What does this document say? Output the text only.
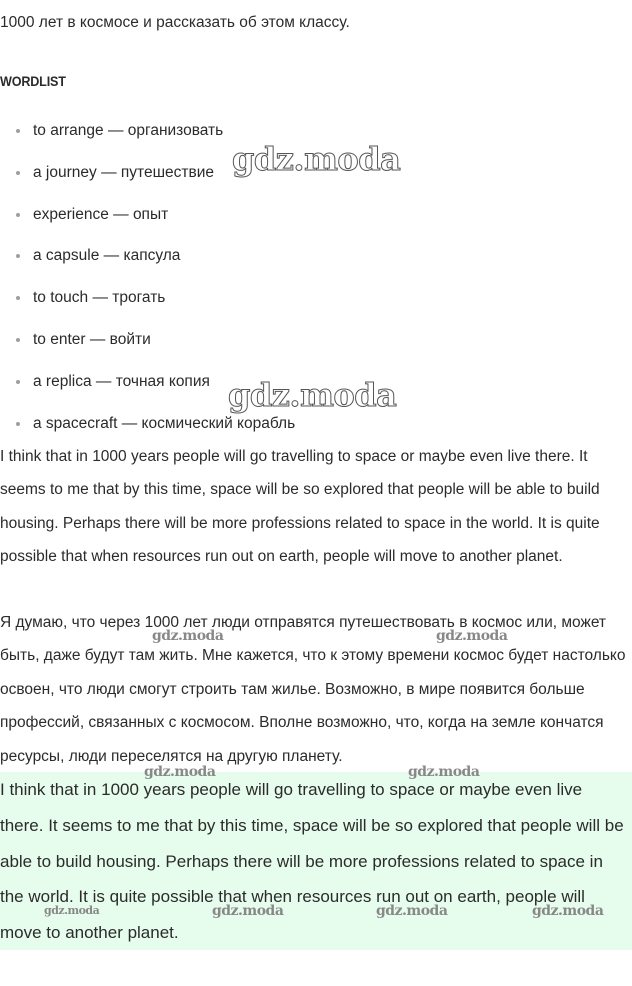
1000 лет в космосе и рассказать об этом классу.
WORDLIST
to arrange — организовать
a journey — путешествие
experience — опыт
a capsule — капсула
to touch — трогать
to enter — войти
a replica — точная копия
a spacecraft — космический корабль

I think that in 1000 years people will go travelling to space or maybe even live there. It seems to me that by this time, space will be so explored that people will be able to build housing. Perhaps there will be more professions related to space in the world. It is quite possible that when resources run out on earth, people will move to another planet.

Я думаю, что через 1000 лет люди отправятся путешествовать в космос или, может быть, даже будут там жить. Мне кажется, что к этому времени космос будет настолько освоен, что люди смогут строить там жилье. Возможно, в мире появится больше профессий, связанных с космосом. Вполне возможно, что, когда на земле кончатся ресурсы, люди переселятся на другую планету.

I think that in 1000 years people will go travelling to space or maybe even live there. It seems to me that by this time, space will be so explored that people will be able to build housing. Perhaps there will be more professions related to space in the world. It is quite possible that when resources run out on earth, people will move to another planet.

gdz.moda
gdz.moda
gdz.moda	gdz.moda
gdz.moda	gdz.moda
gdz.moda	gdz.moda	gdz.moda	gdz.moda
